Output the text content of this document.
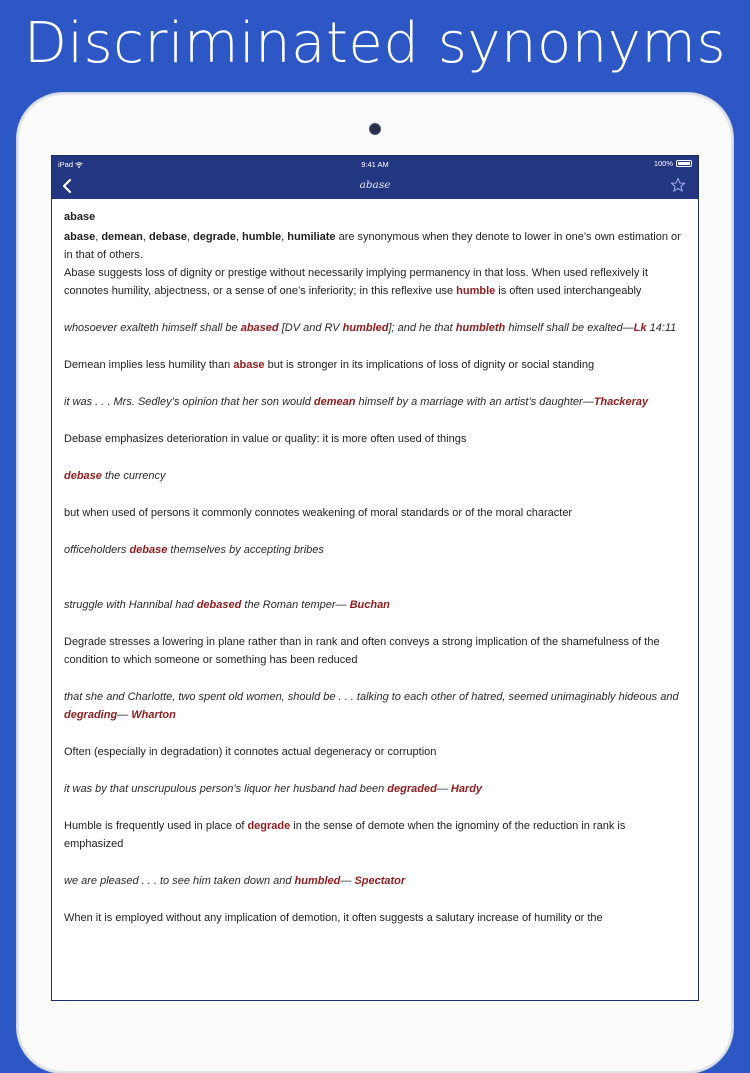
Discriminated synonyms
iPad	9:41 AM	100%
abase

abase

abase, demean, debase, degrade, humble, humiliate are synonymous when they denote to lower in one’s own estimation or in that of others.

Abase suggests loss of dignity or prestige without necessarily implying permanency in that loss. When used reflexively it connotes humility, abjectness, or a sense of one’s inferiority; in this reflexive use humble is often used interchangeably

whosoever exalteth himself shall be abased [DV and RV humbled]; and he that humbleth himself shall be exalted—Lk 14:11

Demean implies less humility than abase but is stronger in its implications of loss of dignity or social standing

it was . . . Mrs. Sedley’s opinion that her son would demean himself by a marriage with an artist’s daughter—Thackeray

Debase emphasizes deterioration in value or quality: it is more often used of things

debase the currency

but when used of persons it commonly connotes weakening of moral standards or of the moral character

officeholders debase themselves by accepting bribes

struggle with Hannibal had debased the Roman temper— Buchan

Degrade stresses a lowering in plane rather than in rank and often conveys a strong implication of the shamefulness of the condition to which someone or something has been reduced

that she and Charlotte, two spent old women, should be . . . talking to each other of hatred, seemed unimaginably hideous and degrading— Wharton

Often (especially in degradation) it connotes actual degeneracy or corruption

it was by that unscrupulous person’s liquor her husband had been degraded— Hardy

Humble is frequently used in place of degrade in the sense of demote when the ignominy of the reduction in rank is emphasized

we are pleased . . . to see him taken down and humbled— Spectator

When it is employed without any implication of demotion, it often suggests a salutary increase of humility or the
